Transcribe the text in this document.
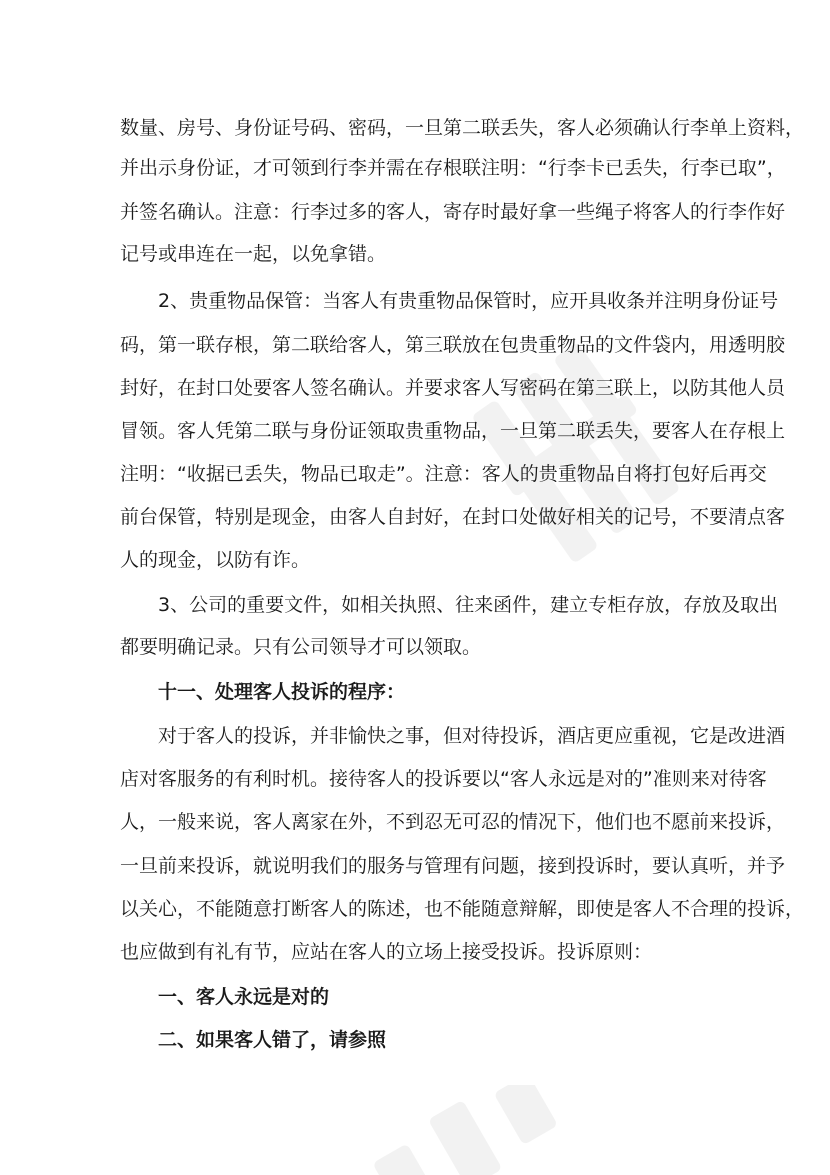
数量、房号、身份证号码、密码，一旦第二联丢失，客人必须确认行李单上资料，
并出示身份证，才可领到行李并需在存根联注明：“行李卡已丢失，行李已取”，
并签名确认。注意：行李过多的客人，寄存时最好拿一些绳子将客人的行李作好
记号或串连在一起，以免拿错。
2、贵重物品保管：当客人有贵重物品保管时，应开具收条并注明身份证号
码，第一联存根，第二联给客人，第三联放在包贵重物品的文件袋内，用透明胶
封好，在封口处要客人签名确认。并要求客人写密码在第三联上，以防其他人员
冒领。客人凭第二联与身份证领取贵重物品，一旦第二联丢失，要客人在存根上
注明：“收据已丢失，物品已取走”。注意：客人的贵重物品自将打包好后再交
前台保管，特别是现金，由客人自封好，在封口处做好相关的记号，不要清点客
人的现金，以防有诈。
3、公司的重要文件，如相关执照、往来函件，建立专柜存放，存放及取出
都要明确记录。只有公司领导才可以领取。
十一、处理客人投诉的程序：
对于客人的投诉，并非愉快之事，但对待投诉，酒店更应重视，它是改进酒
店对客服务的有利时机。接待客人的投诉要以“客人永远是对的”准则来对待客
人，一般来说，客人离家在外，不到忍无可忍的情况下，他们也不愿前来投诉，
一旦前来投诉，就说明我们的服务与管理有问题，接到投诉时，要认真听，并予
以关心，不能随意打断客人的陈述，也不能随意辩解，即使是客人不合理的投诉，
也应做到有礼有节，应站在客人的立场上接受投诉。投诉原则：
一、客人永远是对的
二、如果客人错了，请参照
